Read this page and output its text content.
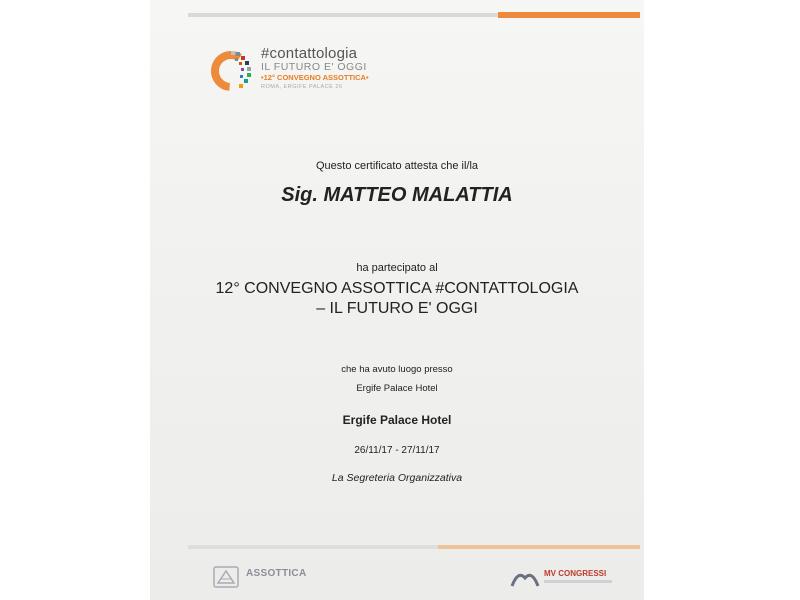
#contattologia
IL FUTURO E' OGGI
•12° CONVEGNO ASSOTTICA•
ROMA, ERGIFE PALACE 26
Questo certificato attesta che il/la
Sig. MATTEO MALATTIA
ha partecipato al
12° CONVEGNO ASSOTTICA #CONTATTOLOGIA
– IL FUTURO E' OGGI
che ha avuto luogo presso
Ergife Palace Hotel
Ergife Palace Hotel
26/11/17 - 27/11/17
La Segreteria Organizzativa
ASSOTTICA	MV CONGRESSI
